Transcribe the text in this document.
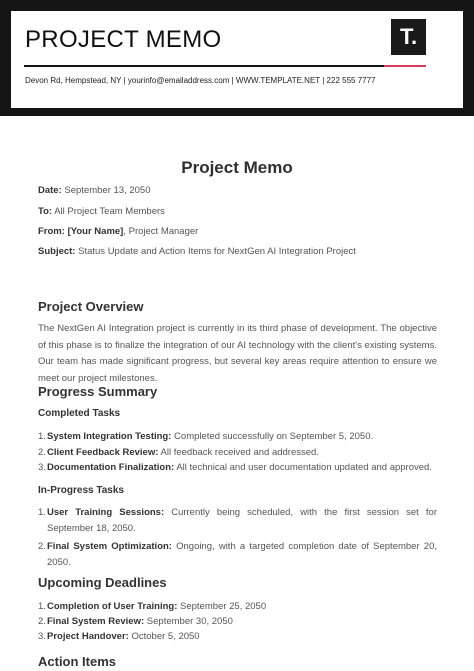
PROJECT MEMO	T.
Devon Rd, Hempstead, NY | yourinfo@emailaddress.com | WWW.TEMPLATE.NET | 222 555 7777
Project Memo
Date: September 13, 2050
To: All Project Team Members
From: [Your Name], Project Manager
Subject: Status Update and Action Items for NextGen AI Integration Project
Project Overview
The NextGen AI Integration project is currently in its third phase of development. The objective of this phase is to finalize the integration of our AI technology with the client's existing systems. Our team has made significant progress, but several key areas require attention to ensure we meet our project milestones.
Progress Summary
Completed Tasks
1. System Integration Testing: Completed successfully on September 5, 2050.
2. Client Feedback Review: All feedback received and addressed.
3. Documentation Finalization: All technical and user documentation updated and approved.
In-Progress Tasks
1. User Training Sessions: Currently being scheduled, with the first session set for September 18, 2050.
2. Final System Optimization: Ongoing, with a targeted completion date of September 20, 2050.
Upcoming Deadlines
1. Completion of User Training: September 25, 2050
2. Final System Review: September 30, 2050
3. Project Handover: October 5, 2050
Action Items
